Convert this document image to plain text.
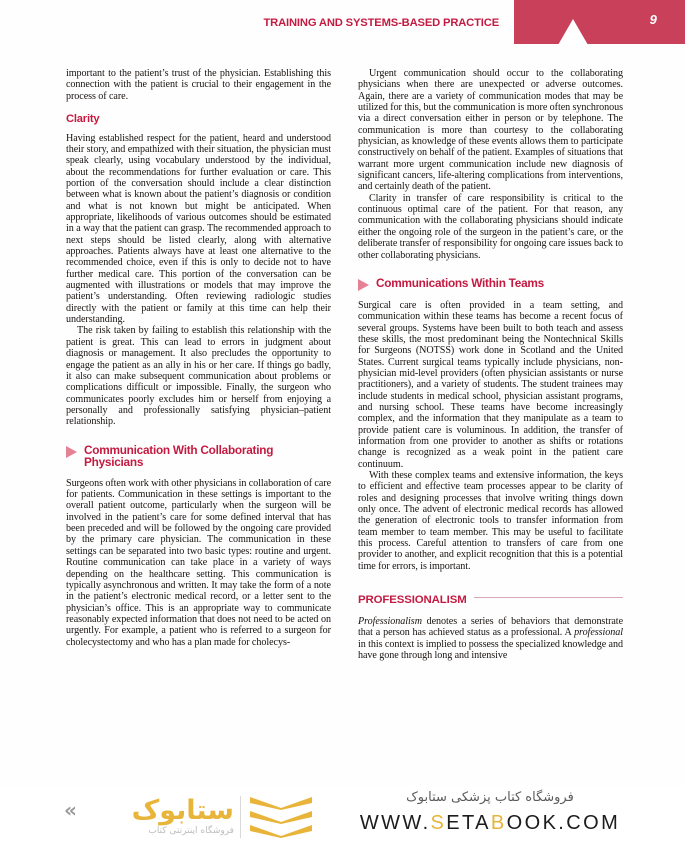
TRAINING AND SYSTEMS-BASED PRACTICE	9

important to the patient’s trust of the physician. Establishing this connection with the patient is crucial to their engagement in the process of care.

Clarity

Having established respect for the patient, heard and understood their story, and empathized with their situation, the physician must speak clearly, using vocabulary understood by the individual, about the recommendations for further evaluation or care. This portion of the conversation should include a clear distinction between what is known about the patient’s diagnosis or condition and what is not known but might be anticipated. When appropriate, likelihoods of various outcomes should be estimated in a way that the patient can grasp. The recommended approach to next steps should be listed clearly, along with alternative approaches. Patients always have at least one alternative to the recommended choice, even if this is only to decide not to have further medical care. This portion of the conversation can be augmented with illustrations or models that may improve the patient’s understanding. Often reviewing radiologic studies directly with the patient or family at this time can help their understanding.

The risk taken by failing to establish this relationship with the patient is great. This can lead to errors in judgment about diagnosis or management. It also precludes the opportunity to engage the patient as an ally in his or her care. If things go badly, it also can make subsequent communication about problems or complications difficult or impossible. Finally, the surgeon who communicates poorly excludes him or herself from enjoying a personally and professionally satisfying physician–patient relationship.

Communication With Collaborating Physicians

Surgeons often work with other physicians in collaboration of care for patients. Communication in these settings is important to the overall patient outcome, particularly when the surgeon will be involved in the patient’s care for some defined interval that has been preceded and will be followed by the ongoing care provided by the primary care physician. The communication in these settings can be separated into two basic types: routine and urgent. Routine communication can take place in a variety of ways depending on the healthcare setting. This communication is typically asynchronous and written. It may take the form of a note in the patient’s electronic medical record, or a letter sent to the physician’s office. This is an appropriate way to communicate reasonably expected information that does not need to be acted on urgently. For example, a patient who is referred to a surgeon for cholecystectomy and who has a plan made for cholecys-

Urgent communication should occur to the collaborating physicians when there are unexpected or adverse outcomes. Again, there are a variety of communication modes that may be utilized for this, but the communication is more often synchronous via a direct conversation either in person or by telephone. The communication is more than courtesy to the collaborating physician, as knowledge of these events allows them to participate constructively on behalf of the patient. Examples of situations that warrant more urgent communication include new diagnosis of significant cancers, life-altering complications from interventions, and certainly death of the patient.

Clarity in transfer of care responsibility is critical to the continuous optimal care of the patient. For that reason, any communication with the collaborating physicians should indicate either the ongoing role of the surgeon in the patient’s care, or the deliberate transfer of responsibility for ongoing care issues back to other collaborating physicians.

Communications Within Teams

Surgical care is often provided in a team setting, and communication within these teams has become a recent focus of several groups. Systems have been built to both teach and assess these skills, the most predominant being the Nontechnical Skills for Surgeons (NOTSS) work done in Scotland and the United States. Current surgical teams typically include physicians, non-physician mid-level providers (often physician assistants or nurse practitioners), and a variety of students. The student trainees may include students in medical school, physician assistant programs, and nursing school. These teams have become increasingly complex, and the information that they manipulate as a team to provide patient care is voluminous. In addition, the transfer of information from one provider to another as shifts or rotations change is recognized as a weak point in the patient care continuum.

With these complex teams and extensive information, the keys to efficient and effective team processes appear to be clarity of roles and designing processes that involve writing things down only once. The advent of electronic medical records has allowed the generation of electronic tools to transfer information from team member to team member. This may be useful to facilitate this process. Careful attention to transfers of care from one provider to another, and explicit recognition that this is a potential time for errors, is important.

PROFESSIONALISM

Professionalism denotes a series of behaviors that demonstrate that a person has achieved status as a professional. A professional in this context is implied to possess the specialized knowledge and have gone through long and intensive

«	ستابوک
فروشگاه اینترنتی کتاب
فروشگاه کتاب پزشکی ستابوک
WWW.SETABOOK.COM
